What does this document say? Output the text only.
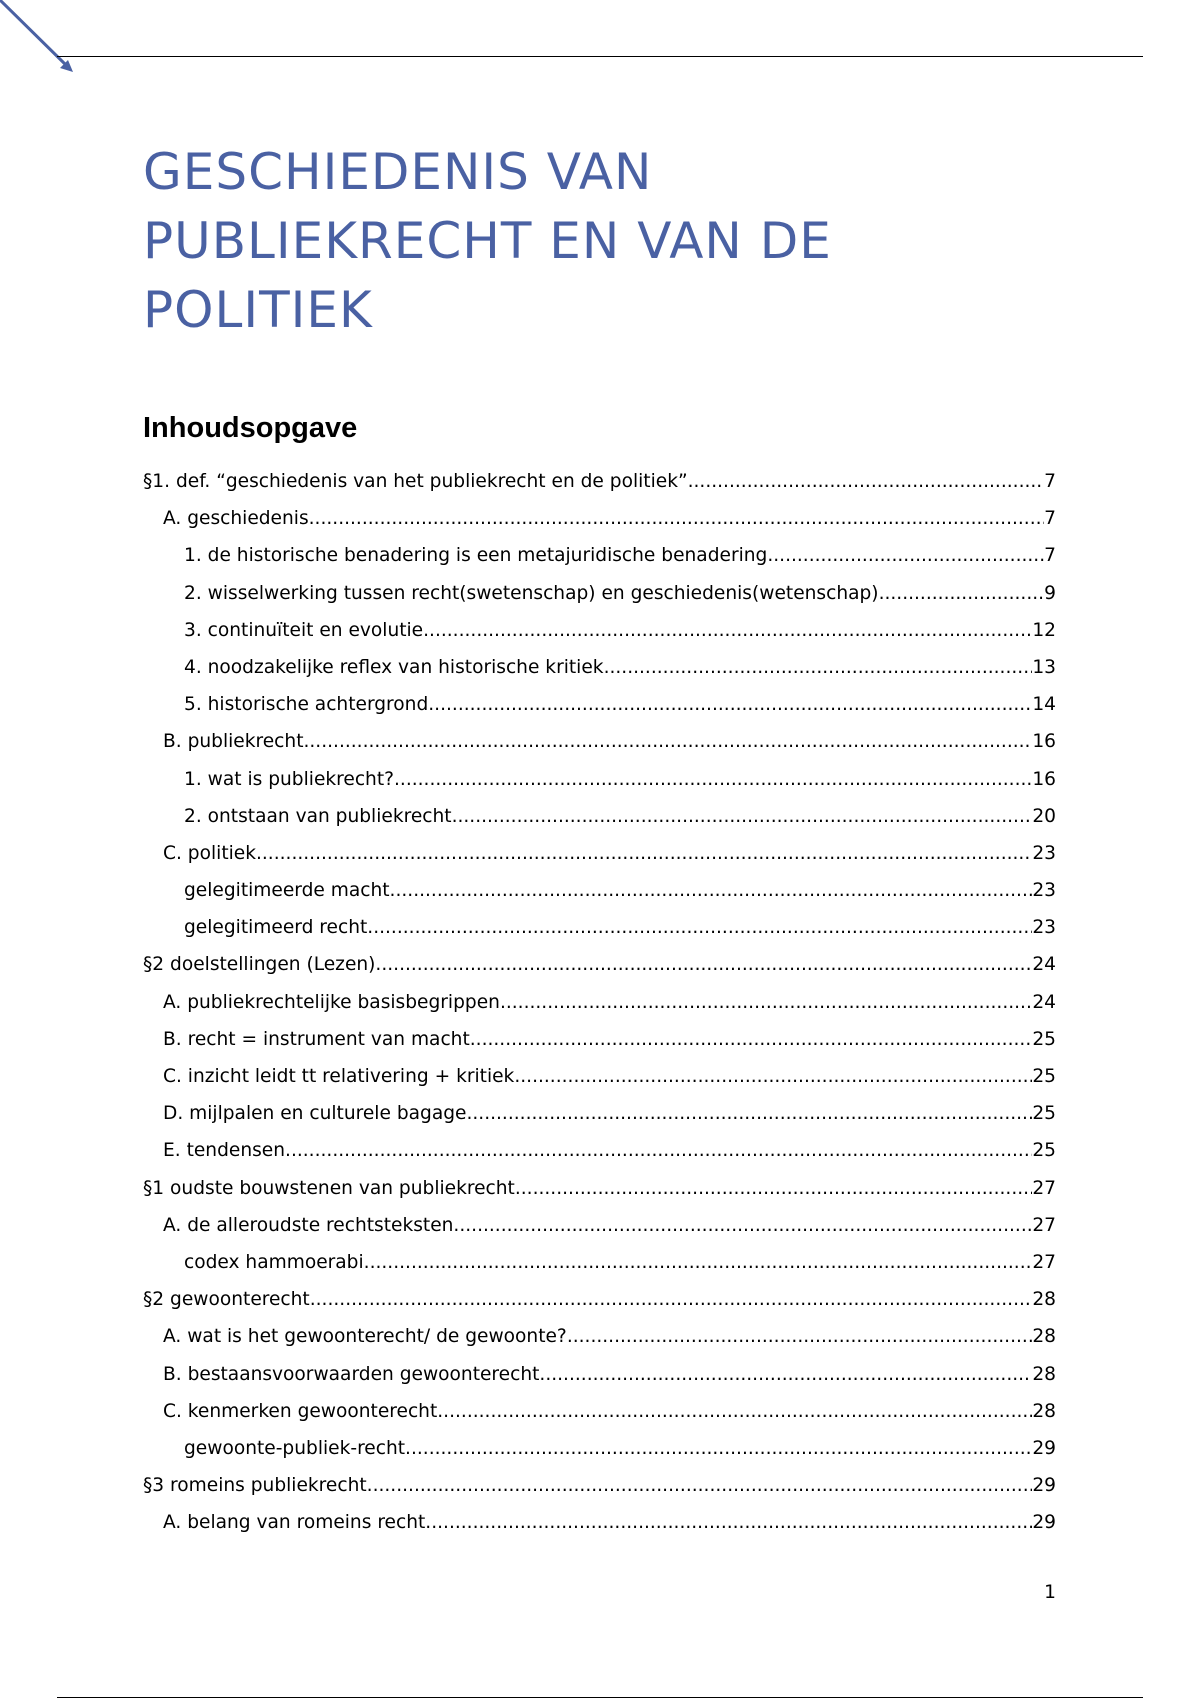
GESCHIEDENIS VAN PUBLIEKRECHT EN VAN DE POLITIEK
Inhoudsopgave
§1. def. “geschiedenis van het publiekrecht en de politiek” .....	7
A. geschiedenis .....	7
1. de historische benadering is een metajuridische benadering .....	7
2. wisselwerking tussen recht(swetenschap) en geschiedenis(wetenschap) .....	9
3. continuïteit en evolutie .....	12
4. noodzakelijke reflex van historische kritiek .....	13
5. historische achtergrond .....	14
B. publiekrecht .....	16
1. wat is publiekrecht? .....	16
2. ontstaan van publiekrecht .....	20
C. politiek .....	23
gelegitimeerde macht .....	23
gelegitimeerd recht .....	23
§2 doelstellingen (Lezen) .....	24
A. publiekrechtelijke basisbegrippen .....	24
B. recht = instrument van macht .....	25
C. inzicht leidt tt relativering + kritiek .....	25
D. mijlpalen en culturele bagage .....	25
E. tendensen .....	25
§1 oudste bouwstenen van publiekrecht .....	27
A. de alleroudste rechtsteksten .....	27
codex hammoerabi .....	27
§2 gewoonterecht .....	28
A. wat is het gewoonterecht/ de gewoonte? .....	28
B. bestaansvoorwaarden gewoonterecht .....	28
C. kenmerken gewoonterecht .....	28
gewoonte-publiek-recht .....	29
§3 romeins publiekrecht .....	29
A. belang van romeins recht .....	29
1
